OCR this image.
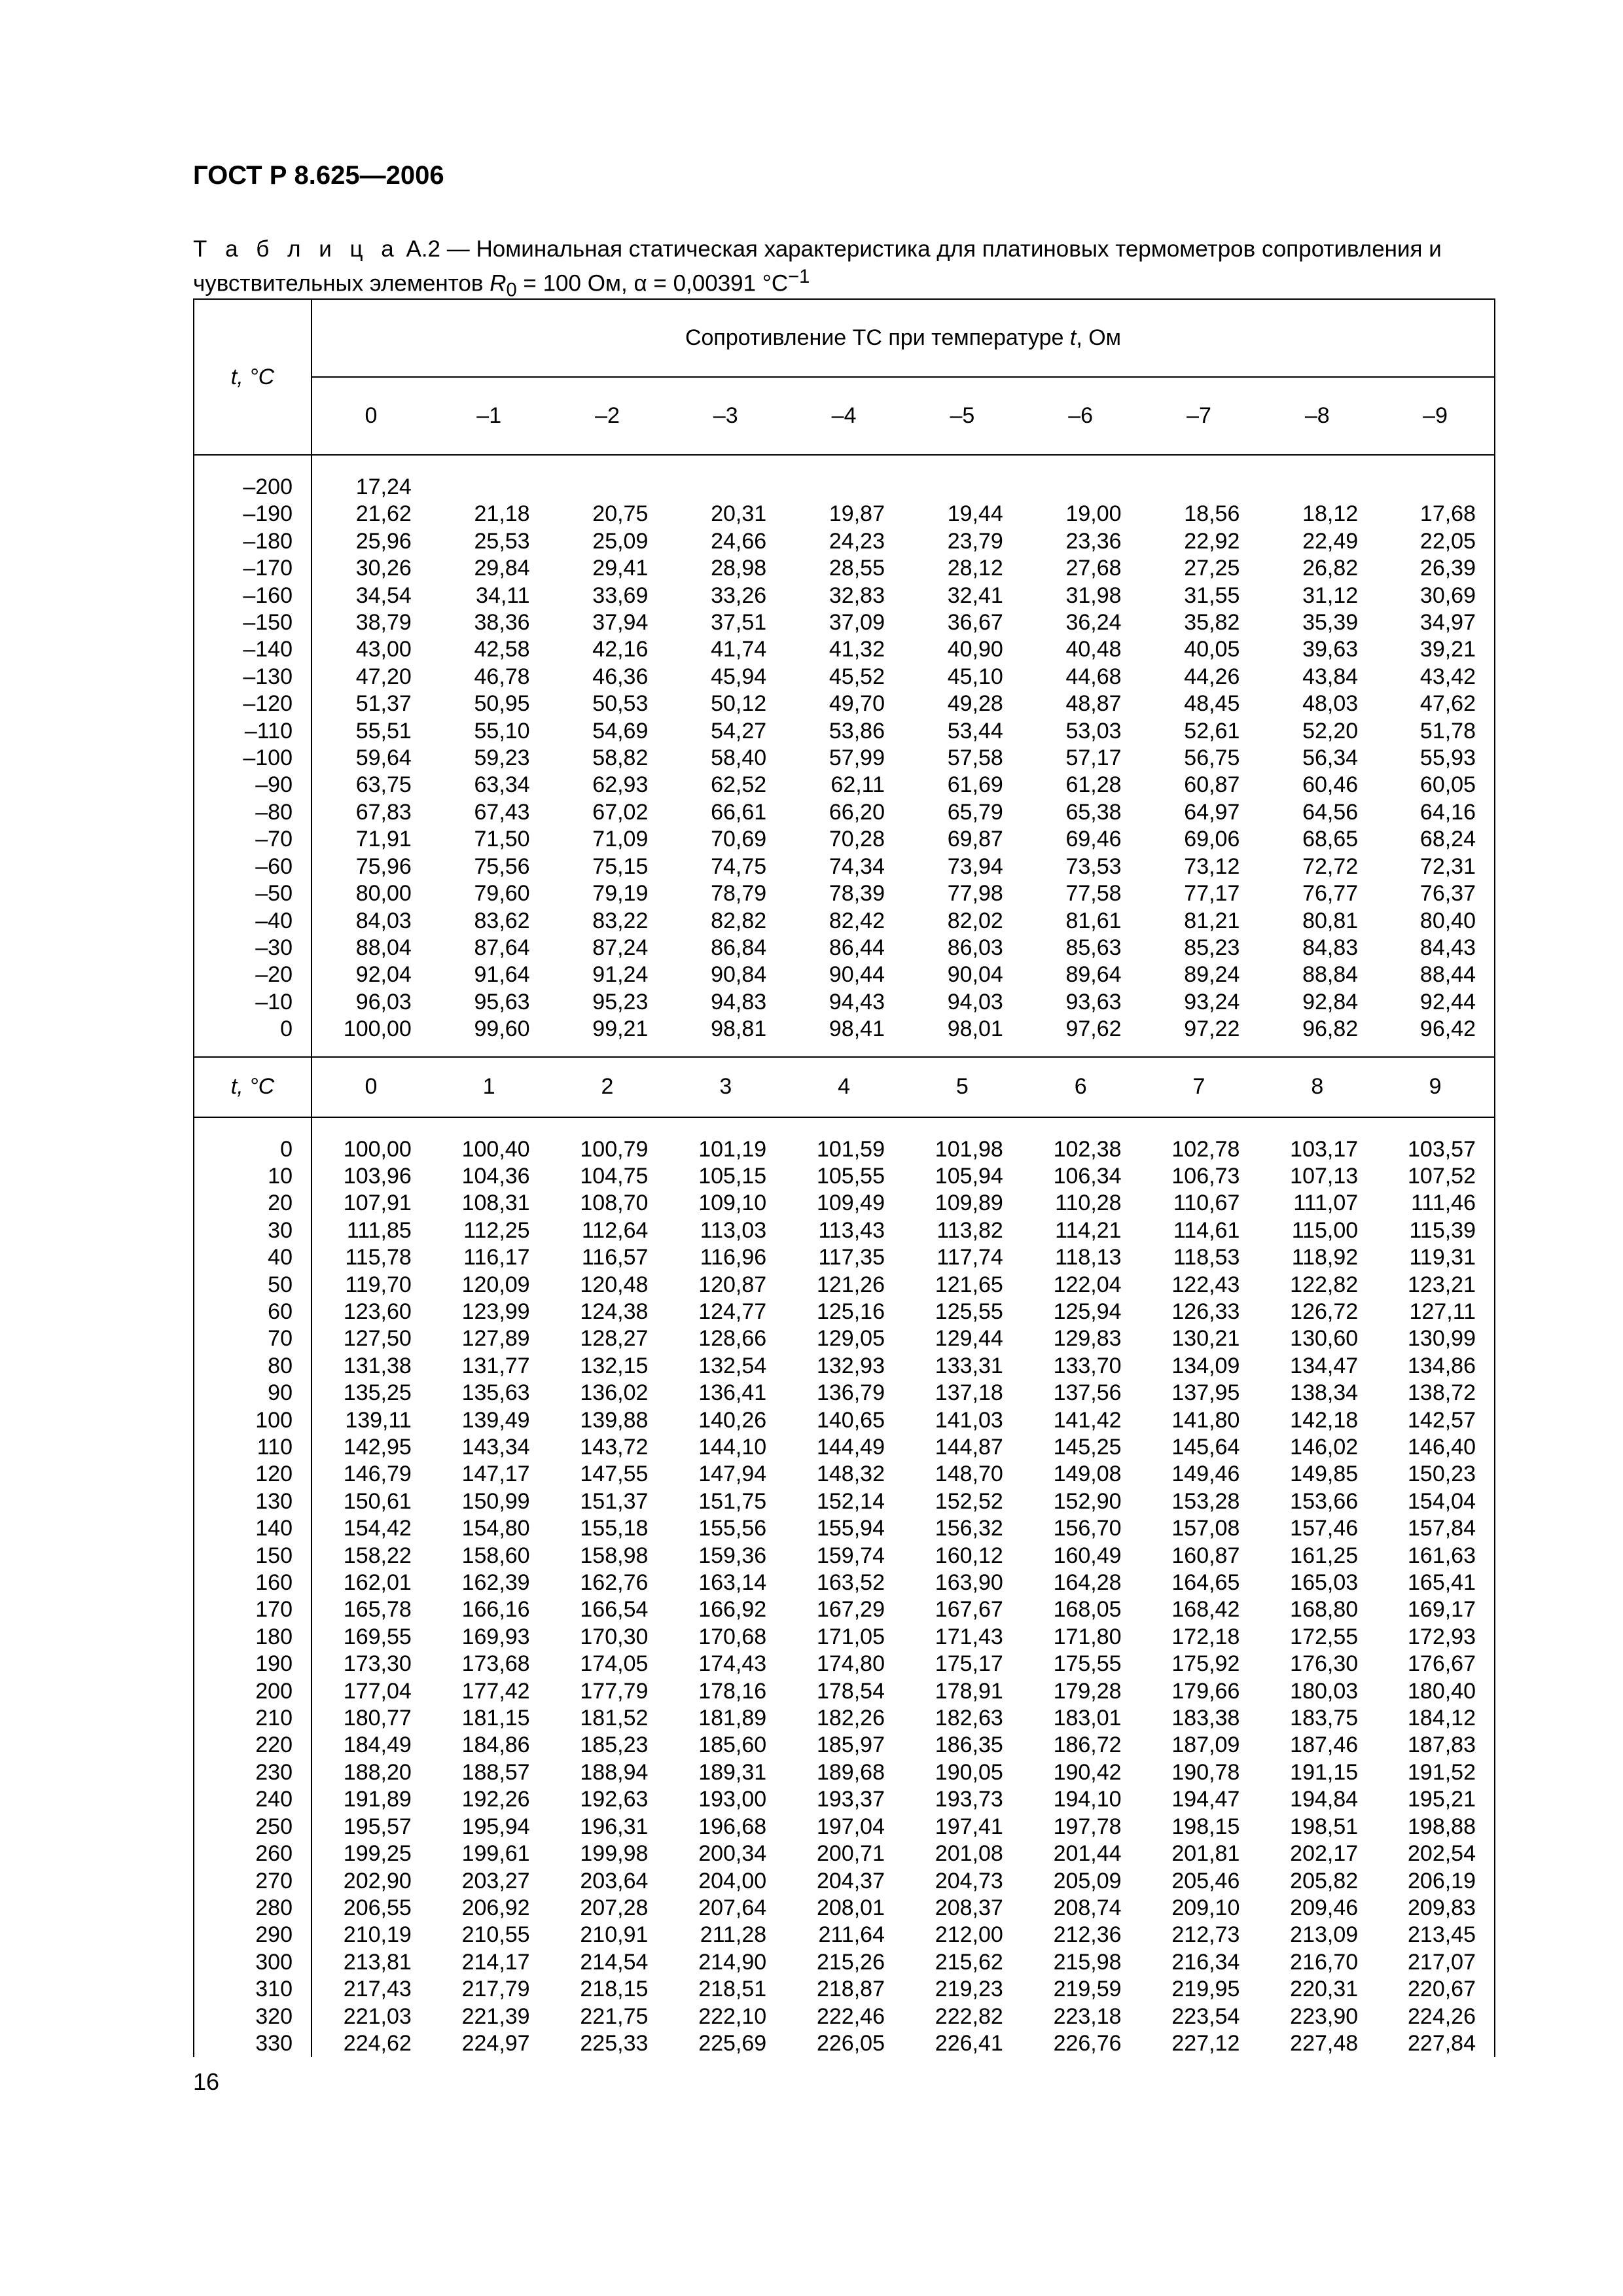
ГОСТ Р 8.625—2006
Т а б л и ц а А.2 — Номинальная статическая характеристика для платиновых термометров сопротивления и чувствительных элементов $R_0 = 100$ Ом, α = 0,00391 $^\circ C^{-1}$
t, °C	Сопротивление ТС при температуре t, Ом									
	0	–1	–2	–3	–4	–5	–6	–7	–8	–9

–200	17,24									
–190	21,62	21,18	20,75	20,31	19,87	19,44	19,00	18,56	18,12	17,68
–180	25,96	25,53	25,09	24,66	24,23	23,79	23,36	22,92	22,49	22,05
–170	30,26	29,84	29,41	28,98	28,55	28,12	27,68	27,25	26,82	26,39
–160	34,54	34,11	33,69	33,26	32,83	32,41	31,98	31,55	31,12	30,69
–150	38,79	38,36	37,94	37,51	37,09	36,67	36,24	35,82	35,39	34,97
–140	43,00	42,58	42,16	41,74	41,32	40,90	40,48	40,05	39,63	39,21
–130	47,20	46,78	46,36	45,94	45,52	45,10	44,68	44,26	43,84	43,42
–120	51,37	50,95	50,53	50,12	49,70	49,28	48,87	48,45	48,03	47,62
–110	55,51	55,10	54,69	54,27	53,86	53,44	53,03	52,61	52,20	51,78
–100	59,64	59,23	58,82	58,40	57,99	57,58	57,17	56,75	56,34	55,93
–90	63,75	63,34	62,93	62,52	62,11	61,69	61,28	60,87	60,46	60,05
–80	67,83	67,43	67,02	66,61	66,20	65,79	65,38	64,97	64,56	64,16
–70	71,91	71,50	71,09	70,69	70,28	69,87	69,46	69,06	68,65	68,24
–60	75,96	75,56	75,15	74,75	74,34	73,94	73,53	73,12	72,72	72,31
–50	80,00	79,60	79,19	78,79	78,39	77,98	77,58	77,17	76,77	76,37
–40	84,03	83,62	83,22	82,82	82,42	82,02	81,61	81,21	80,81	80,40
–30	88,04	87,64	87,24	86,84	86,44	86,03	85,63	85,23	84,83	84,43
–20	92,04	91,64	91,24	90,84	90,44	90,04	89,64	89,24	88,84	88,44
–10	96,03	95,63	95,23	94,83	94,43	94,03	93,63	93,24	92,84	92,44
0	100,00	99,60	99,21	98,81	98,41	98,01	97,62	97,22	96,82	96,42

t, °C	0	1	2	3	4	5	6	7	8	9

0	100,00	100,40	100,79	101,19	101,59	101,98	102,38	102,78	103,17	103,57
10	103,96	104,36	104,75	105,15	105,55	105,94	106,34	106,73	107,13	107,52
20	107,91	108,31	108,70	109,10	109,49	109,89	110,28	110,67	111,07	111,46
30	111,85	112,25	112,64	113,03	113,43	113,82	114,21	114,61	115,00	115,39
40	115,78	116,17	116,57	116,96	117,35	117,74	118,13	118,53	118,92	119,31
50	119,70	120,09	120,48	120,87	121,26	121,65	122,04	122,43	122,82	123,21
60	123,60	123,99	124,38	124,77	125,16	125,55	125,94	126,33	126,72	127,11
70	127,50	127,89	128,27	128,66	129,05	129,44	129,83	130,21	130,60	130,99
80	131,38	131,77	132,15	132,54	132,93	133,31	133,70	134,09	134,47	134,86
90	135,25	135,63	136,02	136,41	136,79	137,18	137,56	137,95	138,34	138,72
100	139,11	139,49	139,88	140,26	140,65	141,03	141,42	141,80	142,18	142,57
110	142,95	143,34	143,72	144,10	144,49	144,87	145,25	145,64	146,02	146,40
120	146,79	147,17	147,55	147,94	148,32	148,70	149,08	149,46	149,85	150,23
130	150,61	150,99	151,37	151,75	152,14	152,52	152,90	153,28	153,66	154,04
140	154,42	154,80	155,18	155,56	155,94	156,32	156,70	157,08	157,46	157,84
150	158,22	158,60	158,98	159,36	159,74	160,12	160,49	160,87	161,25	161,63
160	162,01	162,39	162,76	163,14	163,52	163,90	164,28	164,65	165,03	165,41
170	165,78	166,16	166,54	166,92	167,29	167,67	168,05	168,42	168,80	169,17
180	169,55	169,93	170,30	170,68	171,05	171,43	171,80	172,18	172,55	172,93
190	173,30	173,68	174,05	174,43	174,80	175,17	175,55	175,92	176,30	176,67
200	177,04	177,42	177,79	178,16	178,54	178,91	179,28	179,66	180,03	180,40
210	180,77	181,15	181,52	181,89	182,26	182,63	183,01	183,38	183,75	184,12
220	184,49	184,86	185,23	185,60	185,97	186,35	186,72	187,09	187,46	187,83
230	188,20	188,57	188,94	189,31	189,68	190,05	190,42	190,78	191,15	191,52
240	191,89	192,26	192,63	193,00	193,37	193,73	194,10	194,47	194,84	195,21
250	195,57	195,94	196,31	196,68	197,04	197,41	197,78	198,15	198,51	198,88
260	199,25	199,61	199,98	200,34	200,71	201,08	201,44	201,81	202,17	202,54
270	202,90	203,27	203,64	204,00	204,37	204,73	205,09	205,46	205,82	206,19
280	206,55	206,92	207,28	207,64	208,01	208,37	208,74	209,10	209,46	209,83
290	210,19	210,55	210,91	211,28	211,64	212,00	212,36	212,73	213,09	213,45
300	213,81	214,17	214,54	214,90	215,26	215,62	215,98	216,34	216,70	217,07
310	217,43	217,79	218,15	218,51	218,87	219,23	219,59	219,95	220,31	220,67
320	221,03	221,39	221,75	222,10	222,46	222,82	223,18	223,54	223,90	224,26
330	224,62	224,97	225,33	225,69	226,05	226,41	226,76	227,12	227,48	227,84
16
